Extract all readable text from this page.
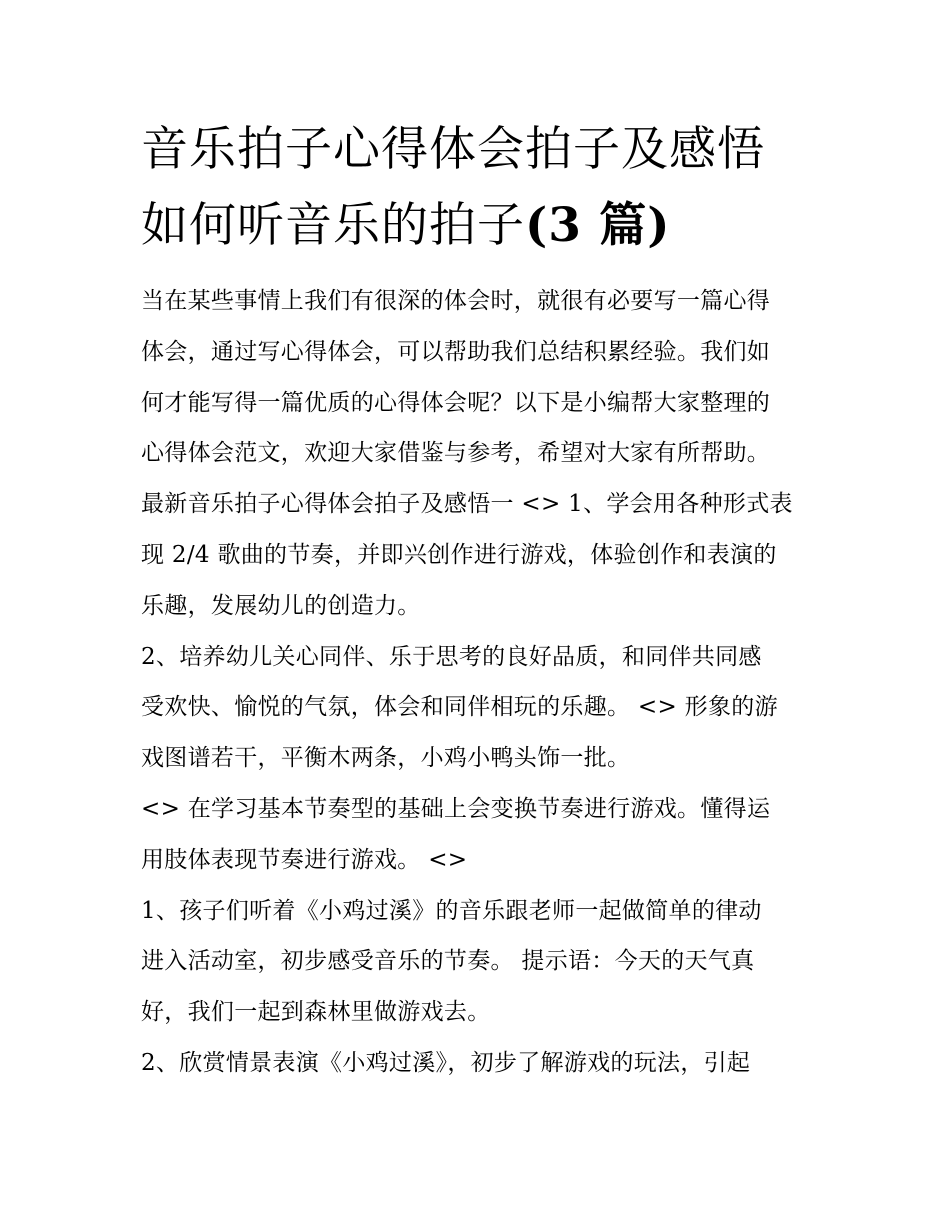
音乐拍子心得体会拍子及感悟
如何听音乐的拍子(3 篇)

当在某些事情上我们有很深的体会时，就很有必要写一篇心得
体会，通过写心得体会，可以帮助我们总结积累经验。我们如
何才能写得一篇优质的心得体会呢？以下是小编帮大家整理的
心得体会范文，欢迎大家借鉴与参考，希望对大家有所帮助。
最新音乐拍子心得体会拍子及感悟一 <> 1、学会用各种形式表
现 2/4 歌曲的节奏，并即兴创作进行游戏，体验创作和表演的
乐趣，发展幼儿的创造力。

2、培养幼儿关心同伴、乐于思考的良好品质，和同伴共同感
受欢快、愉悦的气氛，体会和同伴相玩的乐趣。 <> 形象的游
戏图谱若干，平衡木两条，小鸡小鸭头饰一批。

<> 在学习基本节奏型的基础上会变换节奏进行游戏。懂得运
用肢体表现节奏进行游戏。 <>

1、孩子们听着《小鸡过溪》的音乐跟老师一起做简单的律动
进入活动室，初步感受音乐的节奏。 提示语：今天的天气真
好，我们一起到森林里做游戏去。

2、欣赏情景表演《小鸡过溪》，初步了解游戏的玩法，引起
